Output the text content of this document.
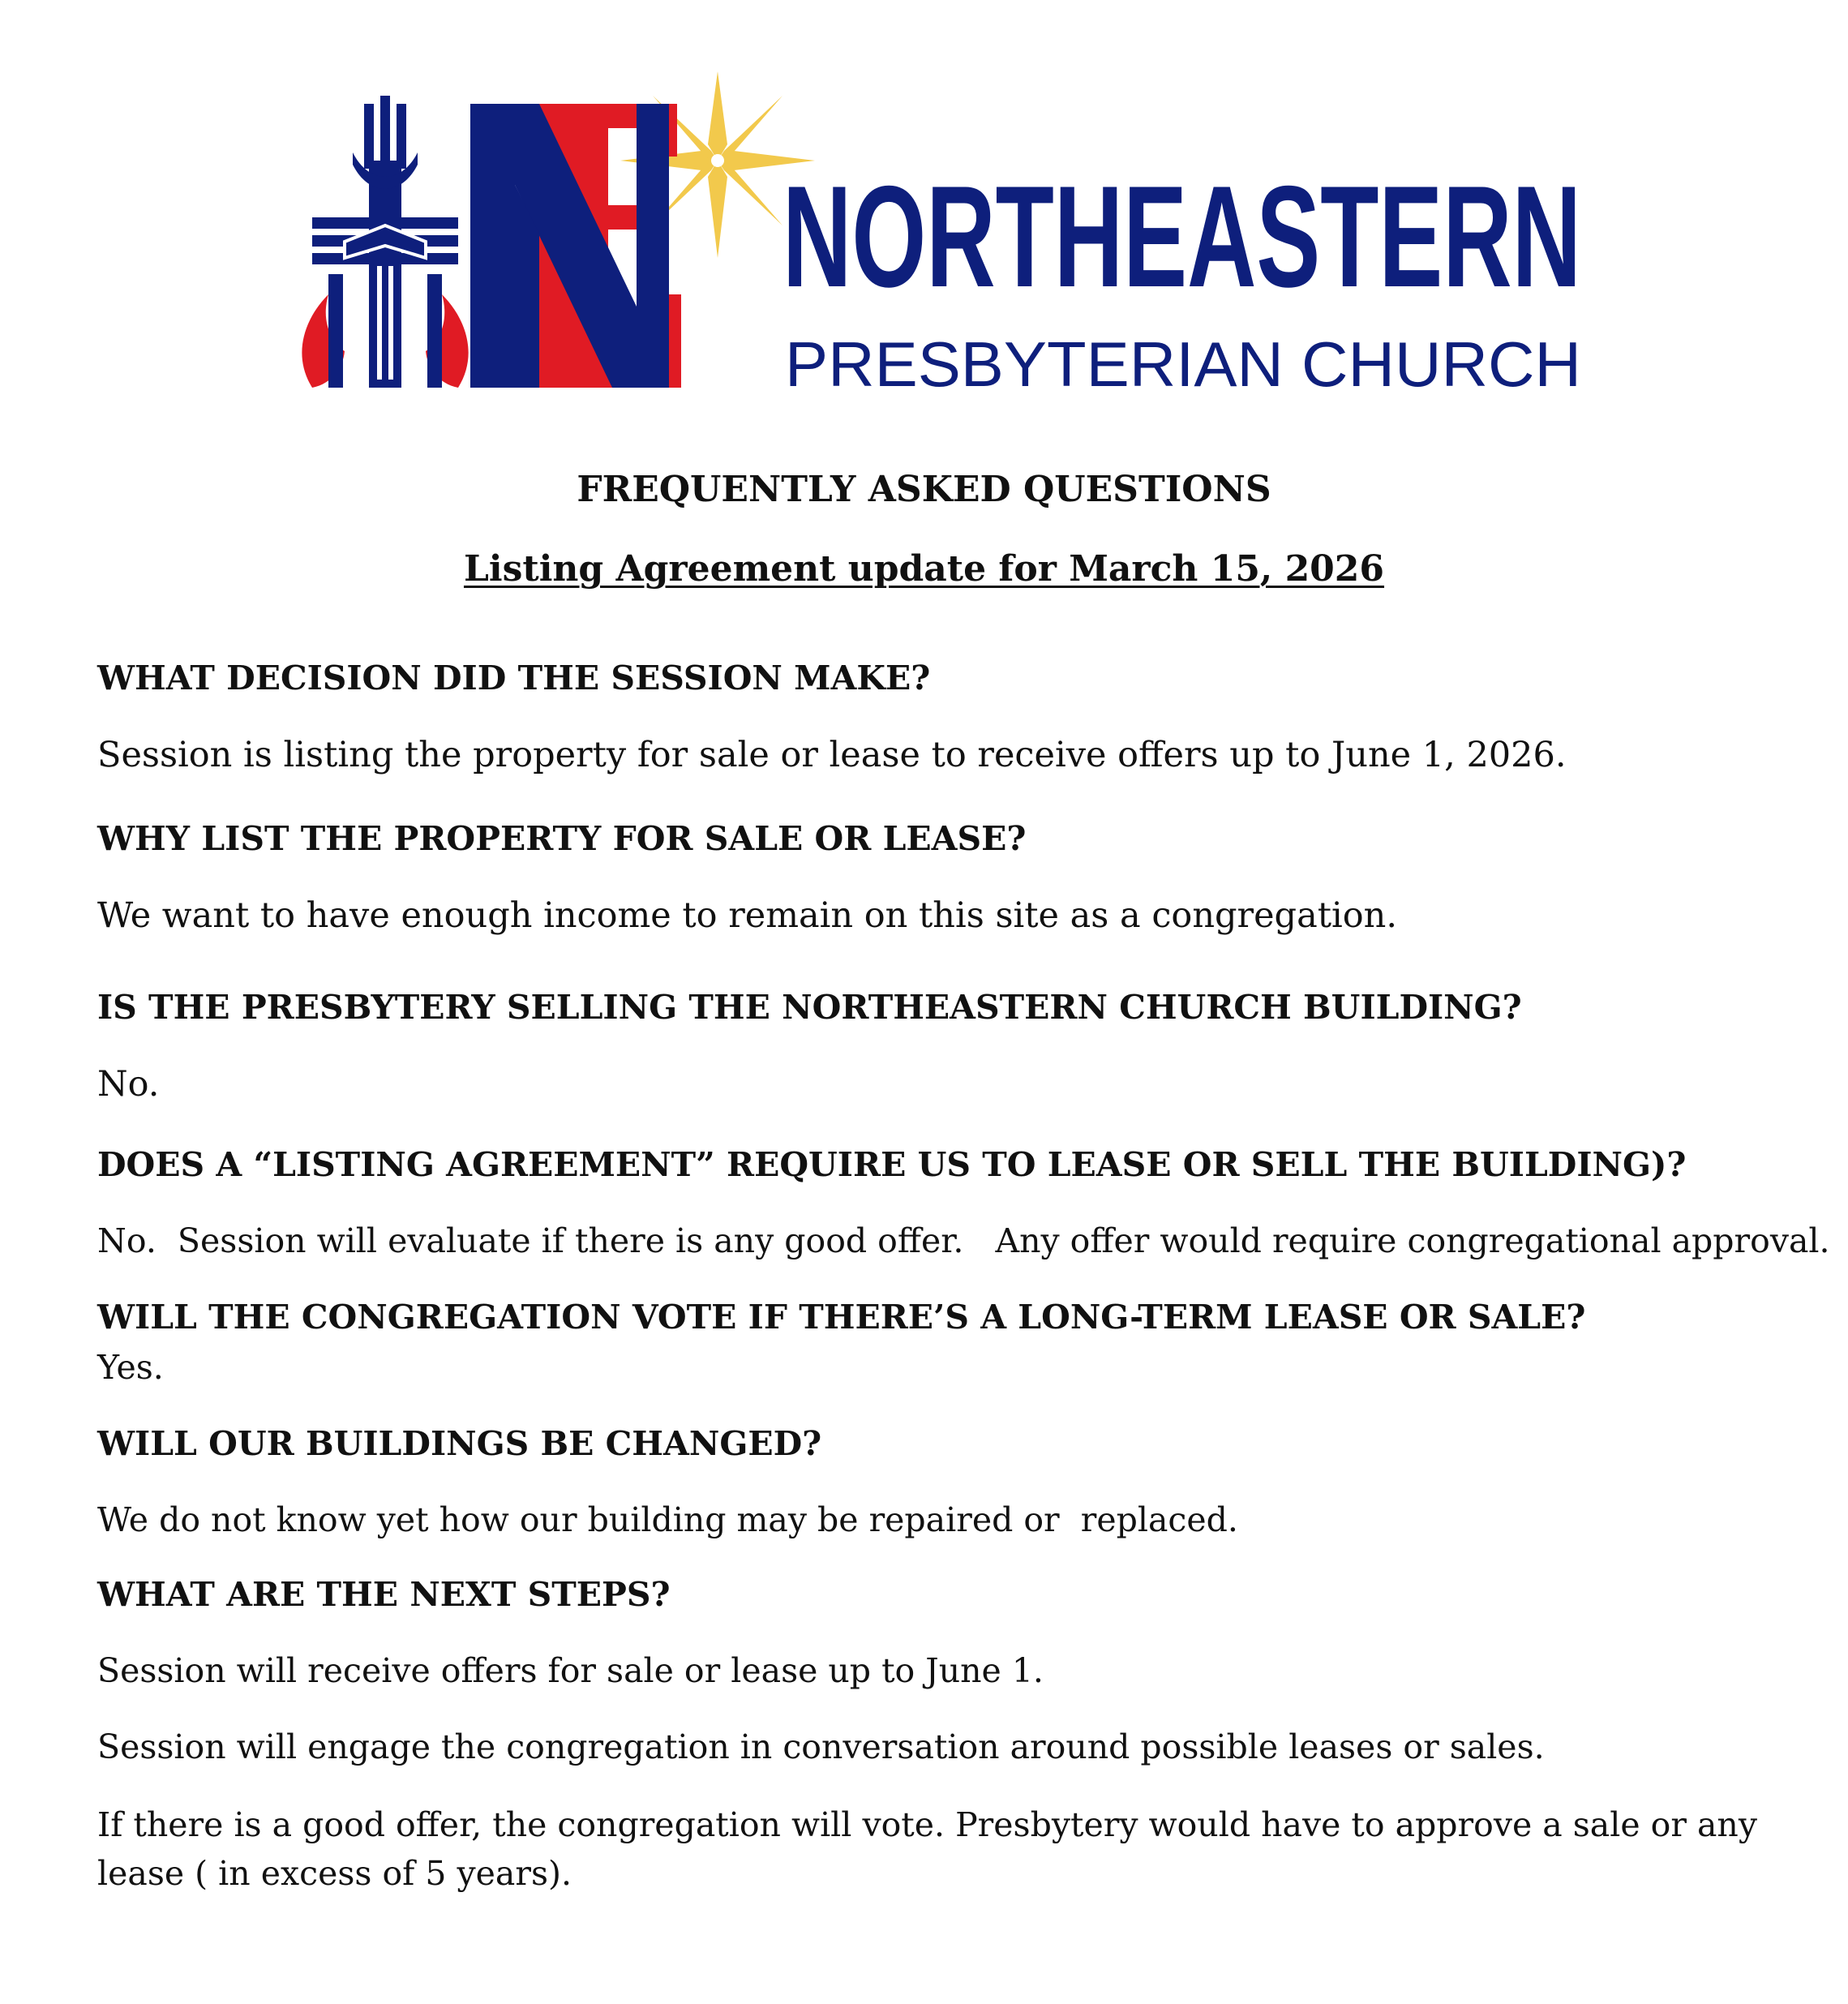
NORTHEASTERN
PRESBYTERIAN CHURCH
FREQUENTLY ASKED QUESTIONS
Listing Agreement update for March 15, 2026
WHAT DECISION DID THE SESSION MAKE?
Session is listing the property for sale or lease to receive offers up to June 1, 2026.
WHY LIST THE PROPERTY FOR SALE OR LEASE?
We want to have enough income to remain on this site as a congregation.
IS THE PRESBYTERY SELLING THE NORTHEASTERN CHURCH BUILDING?
No.
DOES A “LISTING AGREEMENT” REQUIRE US TO LEASE OR SELL THE BUILDING)?
No.  Session will evaluate if there is any good offer.   Any offer would require congregational approval.
WILL THE CONGREGATION VOTE IF THERE’S A LONG-TERM LEASE OR SALE?
Yes.
WILL OUR BUILDINGS BE CHANGED?
We do not know yet how our building may be repaired or  replaced.
WHAT ARE THE NEXT STEPS?
Session will receive offers for sale or lease up to June 1.
Session will engage the congregation in conversation around possible leases or sales.
If there is a good offer, the congregation will vote. Presbytery would have to approve a sale or any lease ( in excess of 5 years).
